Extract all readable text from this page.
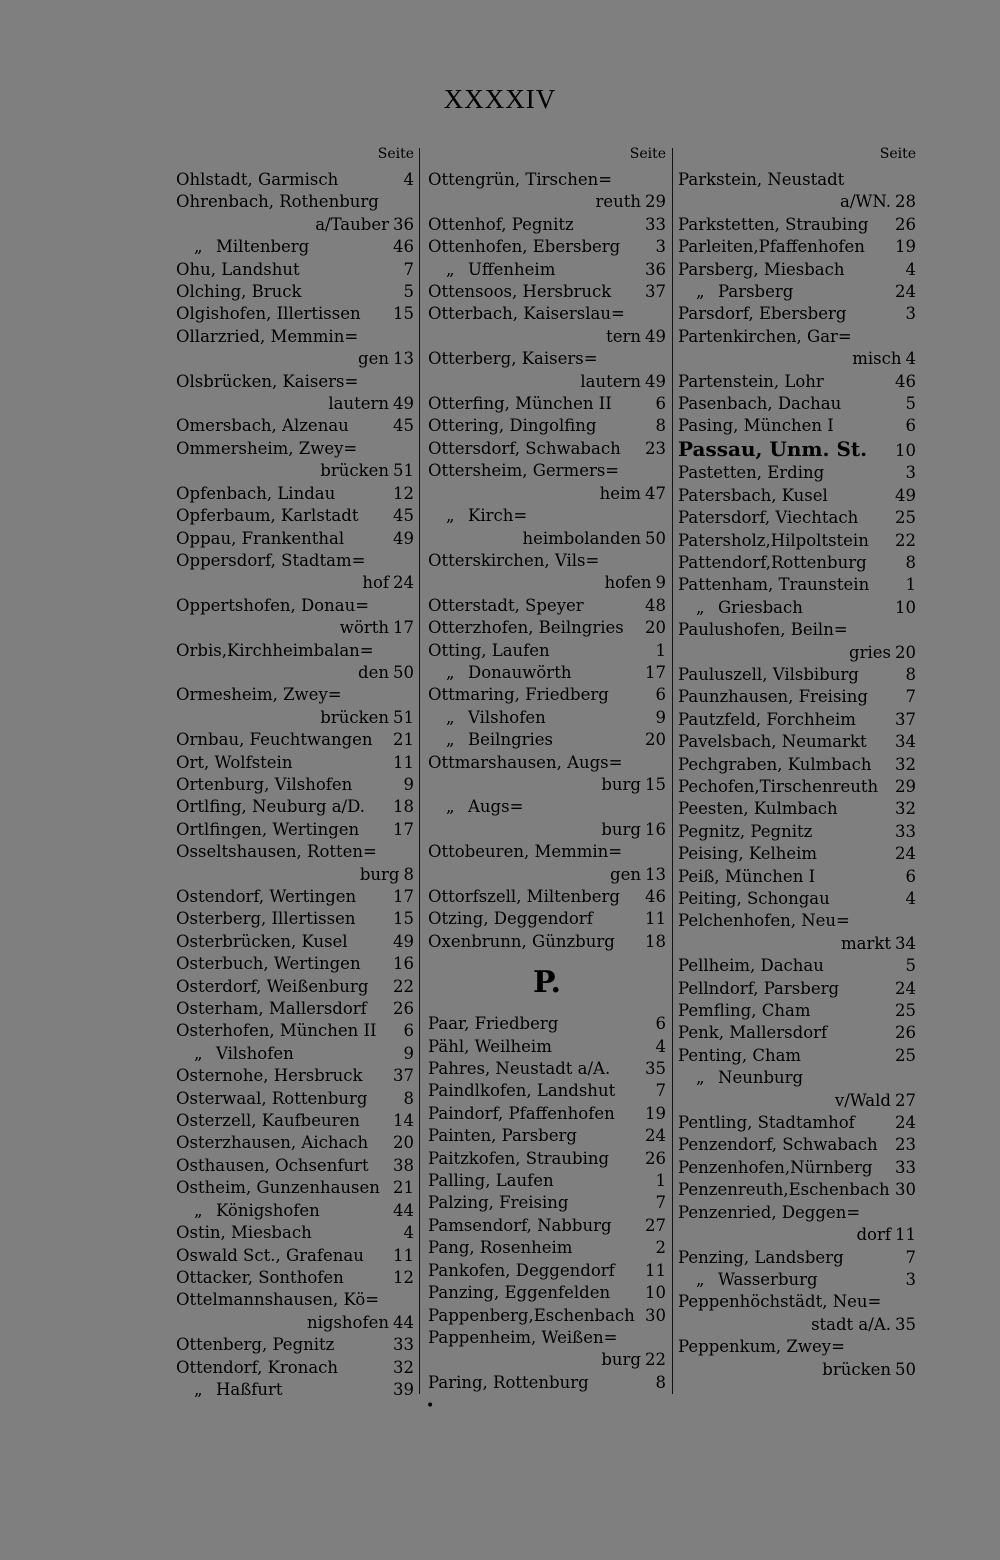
XXXXIV
Seite
Ohlstadt, Garmisch	4
Ohrenbach, Rothenburg
a/Tauber 36
„ Miltenberg	46
Ohu, Landshut	7
Olching, Bruck	5
Olgishofen, Illertissen	15
Ollarzried, Memmin=
gen 13
Olsbrücken, Kaisers=
lautern 49
Omersbach, Alzenau	45
Ommersheim, Zwey=
brücken 51
Opfenbach, Lindau	12
Opferbaum, Karlstadt	45
Oppau, Frankenthal	49
Oppersdorf, Stadtam=
hof 24
Oppertshofen, Donau=
wörth 17
Orbis,Kirchheimbalan=
den 50
Ormesheim, Zwey=
brücken 51
Ornbau, Feuchtwangen	21
Ort, Wolfstein	11
Ortenburg, Vilshofen	9
Ortlfing, Neuburg a/D.	18
Ortlfingen, Wertingen	17
Osseltshausen, Rotten=
burg 8
Ostendorf, Wertingen	17
Osterberg, Illertissen	15
Osterbrücken, Kusel	49
Osterbuch, Wertingen	16
Osterdorf, Weißenburg	22
Osterham, Mallersdorf	26
Osterhofen, München II	6
„ Vilshofen	9
Osternohe, Hersbruck	37
Osterwaal, Rottenburg	8
Osterzell, Kaufbeuren	14
Osterzhausen, Aichach	20
Osthausen, Ochsenfurt	38
Ostheim, Gunzenhausen 21
„ Königshofen	44
Ostin, Miesbach	4
Oswald Sct., Grafenau	11
Ottacker, Sonthofen	12
Ottelmannshausen, Kö=
nigshofen 44
Ottenberg, Pegnitz	33
Ottendorf, Kronach	32
„ Haßfurt	39
Seite
Ottengrün, Tirschen=
reuth 29
Ottenhof, Pegnitz	33
Ottenhofen, Ebersberg	3
„ Uffenheim	36
Ottensoos, Hersbruck	37
Otterbach, Kaiserslau=
tern 49
Otterberg, Kaisers=
lautern 49
Otterfing, München II	6
Ottering, Dingolfing	8
Ottersdorf, Schwabach	23
Ottersheim, Germers=
heim 47
„ Kirch=
heimbolanden 50
Otterskirchen, Vils=
hofen 9
Otterstadt, Speyer	48
Otterzhofen, Beilngries	20
Otting, Laufen	1
„ Donauwörth	17
Ottmaring, Friedberg	6
„ Vilshofen	9
„ Beilngries	20
Ottmarshausen, Augs=
burg 15
„ Augs=
burg 16
Ottobeuren, Memmin=
gen 13
Ottorfszell, Miltenberg	46
Otzing, Deggendorf	11
Oxenbrunn, Günzburg	18
P.
Paar, Friedberg	6
Pähl, Weilheim	4
Pahres, Neustadt a/A.	35
Paindlkofen, Landshut	7
Paindorf, Pfaffenhofen	19
Painten, Parsberg	24
Paitzkofen, Straubing	26
Palling, Laufen	1
Palzing, Freising	7
Pamsendorf, Nabburg	27
Pang, Rosenheim	2
Pankofen, Deggendorf	11
Panzing, Eggenfelden	10
Pappenberg,Eschenbach 30
Pappenheim, Weißen=
burg 22
Paring, Rottenburg	8
Seite
Parkstein, Neustadt
a/WN. 28
Parkstetten, Straubing	26
Parleiten,Pfaffenhofen	19
Parsberg, Miesbach	4
„ Parsberg	24
Parsdorf, Ebersberg	3
Partenkirchen, Gar=
misch 4
Partenstein, Lohr	46
Pasenbach, Dachau	5
Pasing, München I	6
Passau, Unm. St.	10
Pastetten, Erding	3
Patersbach, Kusel	49
Patersdorf, Viechtach	25
Patersholz,Hilpoltstein	22
Pattendorf,Rottenburg	8
Pattenham, Traunstein	1
„ Griesbach	10
Paulushofen, Beiln=
gries 20
Pauluszell, Vilsbiburg	8
Paunzhausen, Freising	7
Pautzfeld, Forchheim	37
Pavelsbach, Neumarkt	34
Pechgraben, Kulmbach	32
Pechofen,Tirschenreuth	29
Peesten, Kulmbach	32
Pegnitz, Pegnitz	33
Peising, Kelheim	24
Peiß, München I	6
Peiting, Schongau	4
Pelchenhofen, Neu=
markt 34
Pellheim, Dachau	5
Pellndorf, Parsberg	24
Pemfling, Cham	25
Penk, Mallersdorf	26
Penting, Cham	25
„ Neunburg
v/Wald 27
Pentling, Stadtamhof	24
Penzendorf, Schwabach	23
Penzenhofen,Nürnberg	33
Penzenreuth,Eschenbach 30
Penzenried, Deggen=
dorf 11
Penzing, Landsberg	7
„ Wasserburg	3
Peppenhöchstädt, Neu=
stadt a/A. 35
Peppenkum, Zwey=
brücken 50
•
